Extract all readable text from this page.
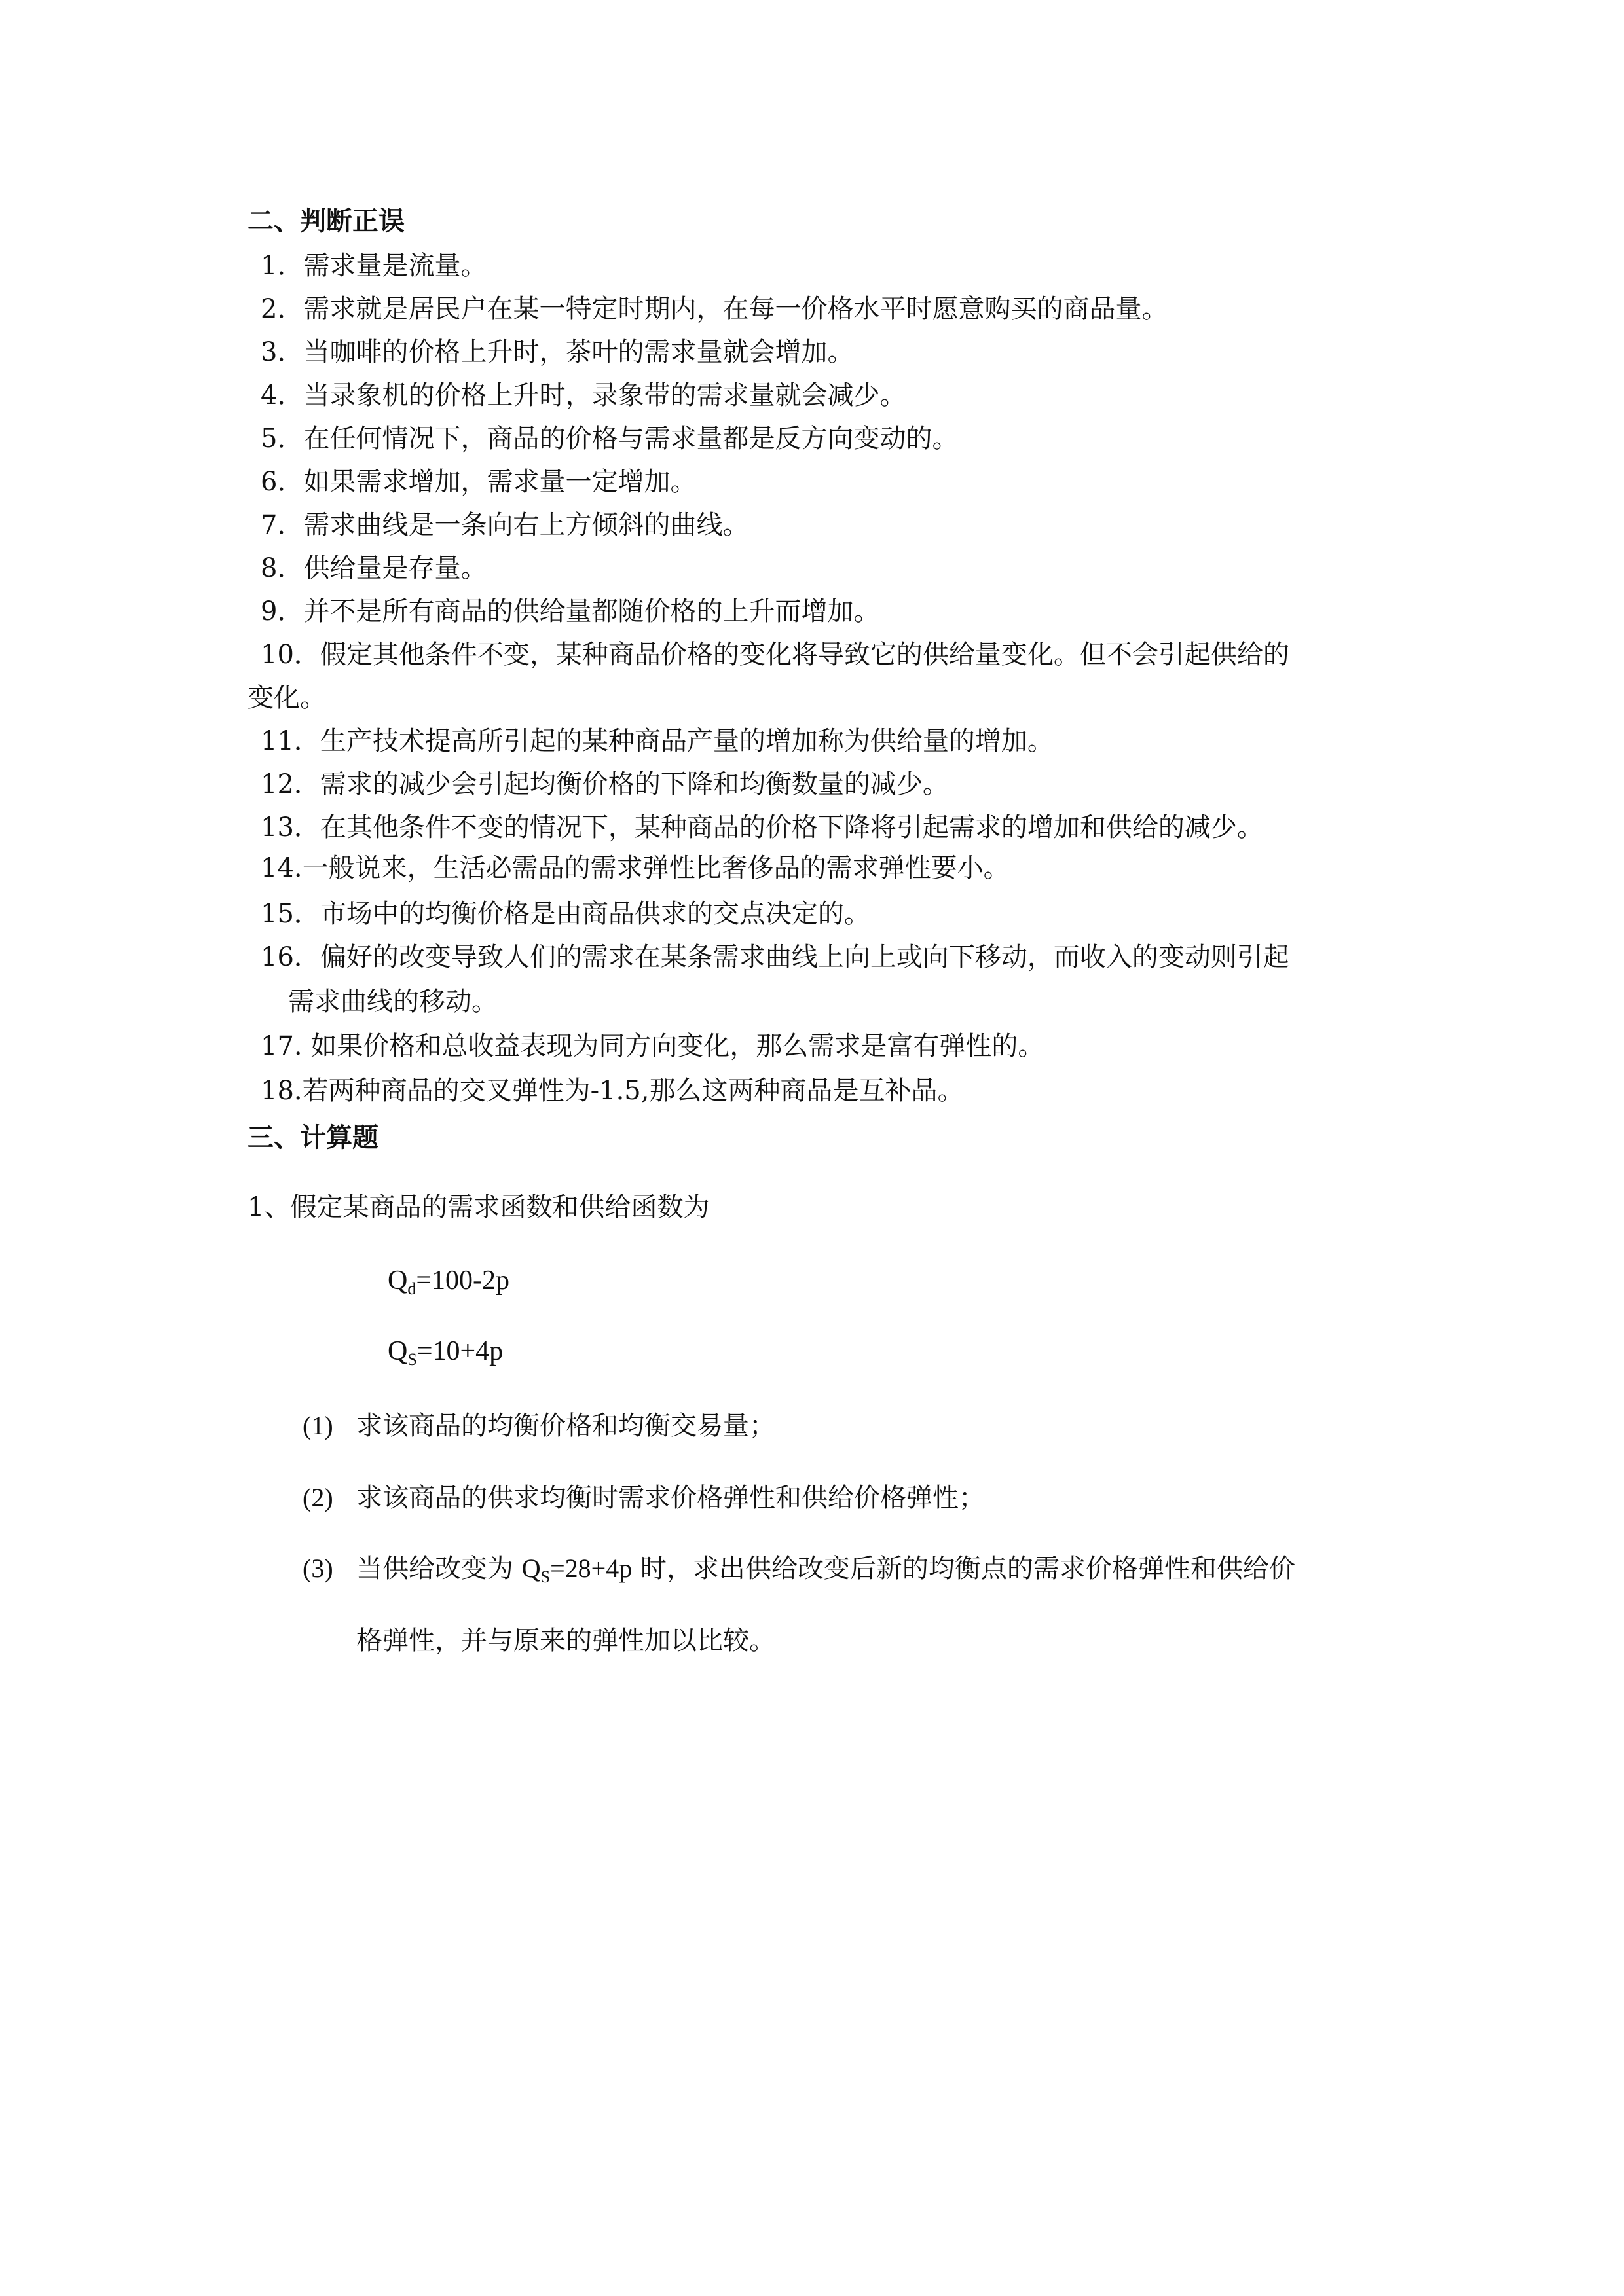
二、判断正误
1．需求量是流量。
2．需求就是居民户在某一特定时期内，在每一价格水平时愿意购买的商品量。
3．当咖啡的价格上升时，茶叶的需求量就会增加。
4．当录象机的价格上升时，录象带的需求量就会减少。
5．在任何情况下，商品的价格与需求量都是反方向变动的。
6．如果需求增加，需求量一定增加。
7．需求曲线是一条向右上方倾斜的曲线。
8．供给量是存量。
9．并不是所有商品的供给量都随价格的上升而增加。
10．假定其他条件不变，某种商品价格的变化将导致它的供给量变化。但不会引起供给的
变化。
11．生产技术提高所引起的某种商品产量的增加称为供给量的增加。
12．需求的减少会引起均衡价格的下降和均衡数量的减少。
13．在其他条件不变的情况下，某种商品的价格下降将引起需求的增加和供给的减少。
14.一般说来，生活必需品的需求弹性比奢侈品的需求弹性要小。
15．市场中的均衡价格是由商品供求的交点决定的。
16．偏好的改变导致人们的需求在某条需求曲线上向上或向下移动，而收入的变动则引起
需求曲线的移动。
17. 如果价格和总收益表现为同方向变化，那么需求是富有弹性的。
18.若两种商品的交叉弹性为-1.5,那么这两种商品是互补品。
三、计算题
1、假定某商品的需求函数和供给函数为
$Q_d=100-2p$
$Q_S=10+4p$
(1) 求该商品的均衡价格和均衡交易量；
(2) 求该商品的供求均衡时需求价格弹性和供给价格弹性；
(3) 当供给改变为 $Q_S=28+4p$ 时，求出供给改变后新的均衡点的需求价格弹性和供给价
格弹性，并与原来的弹性加以比较。
